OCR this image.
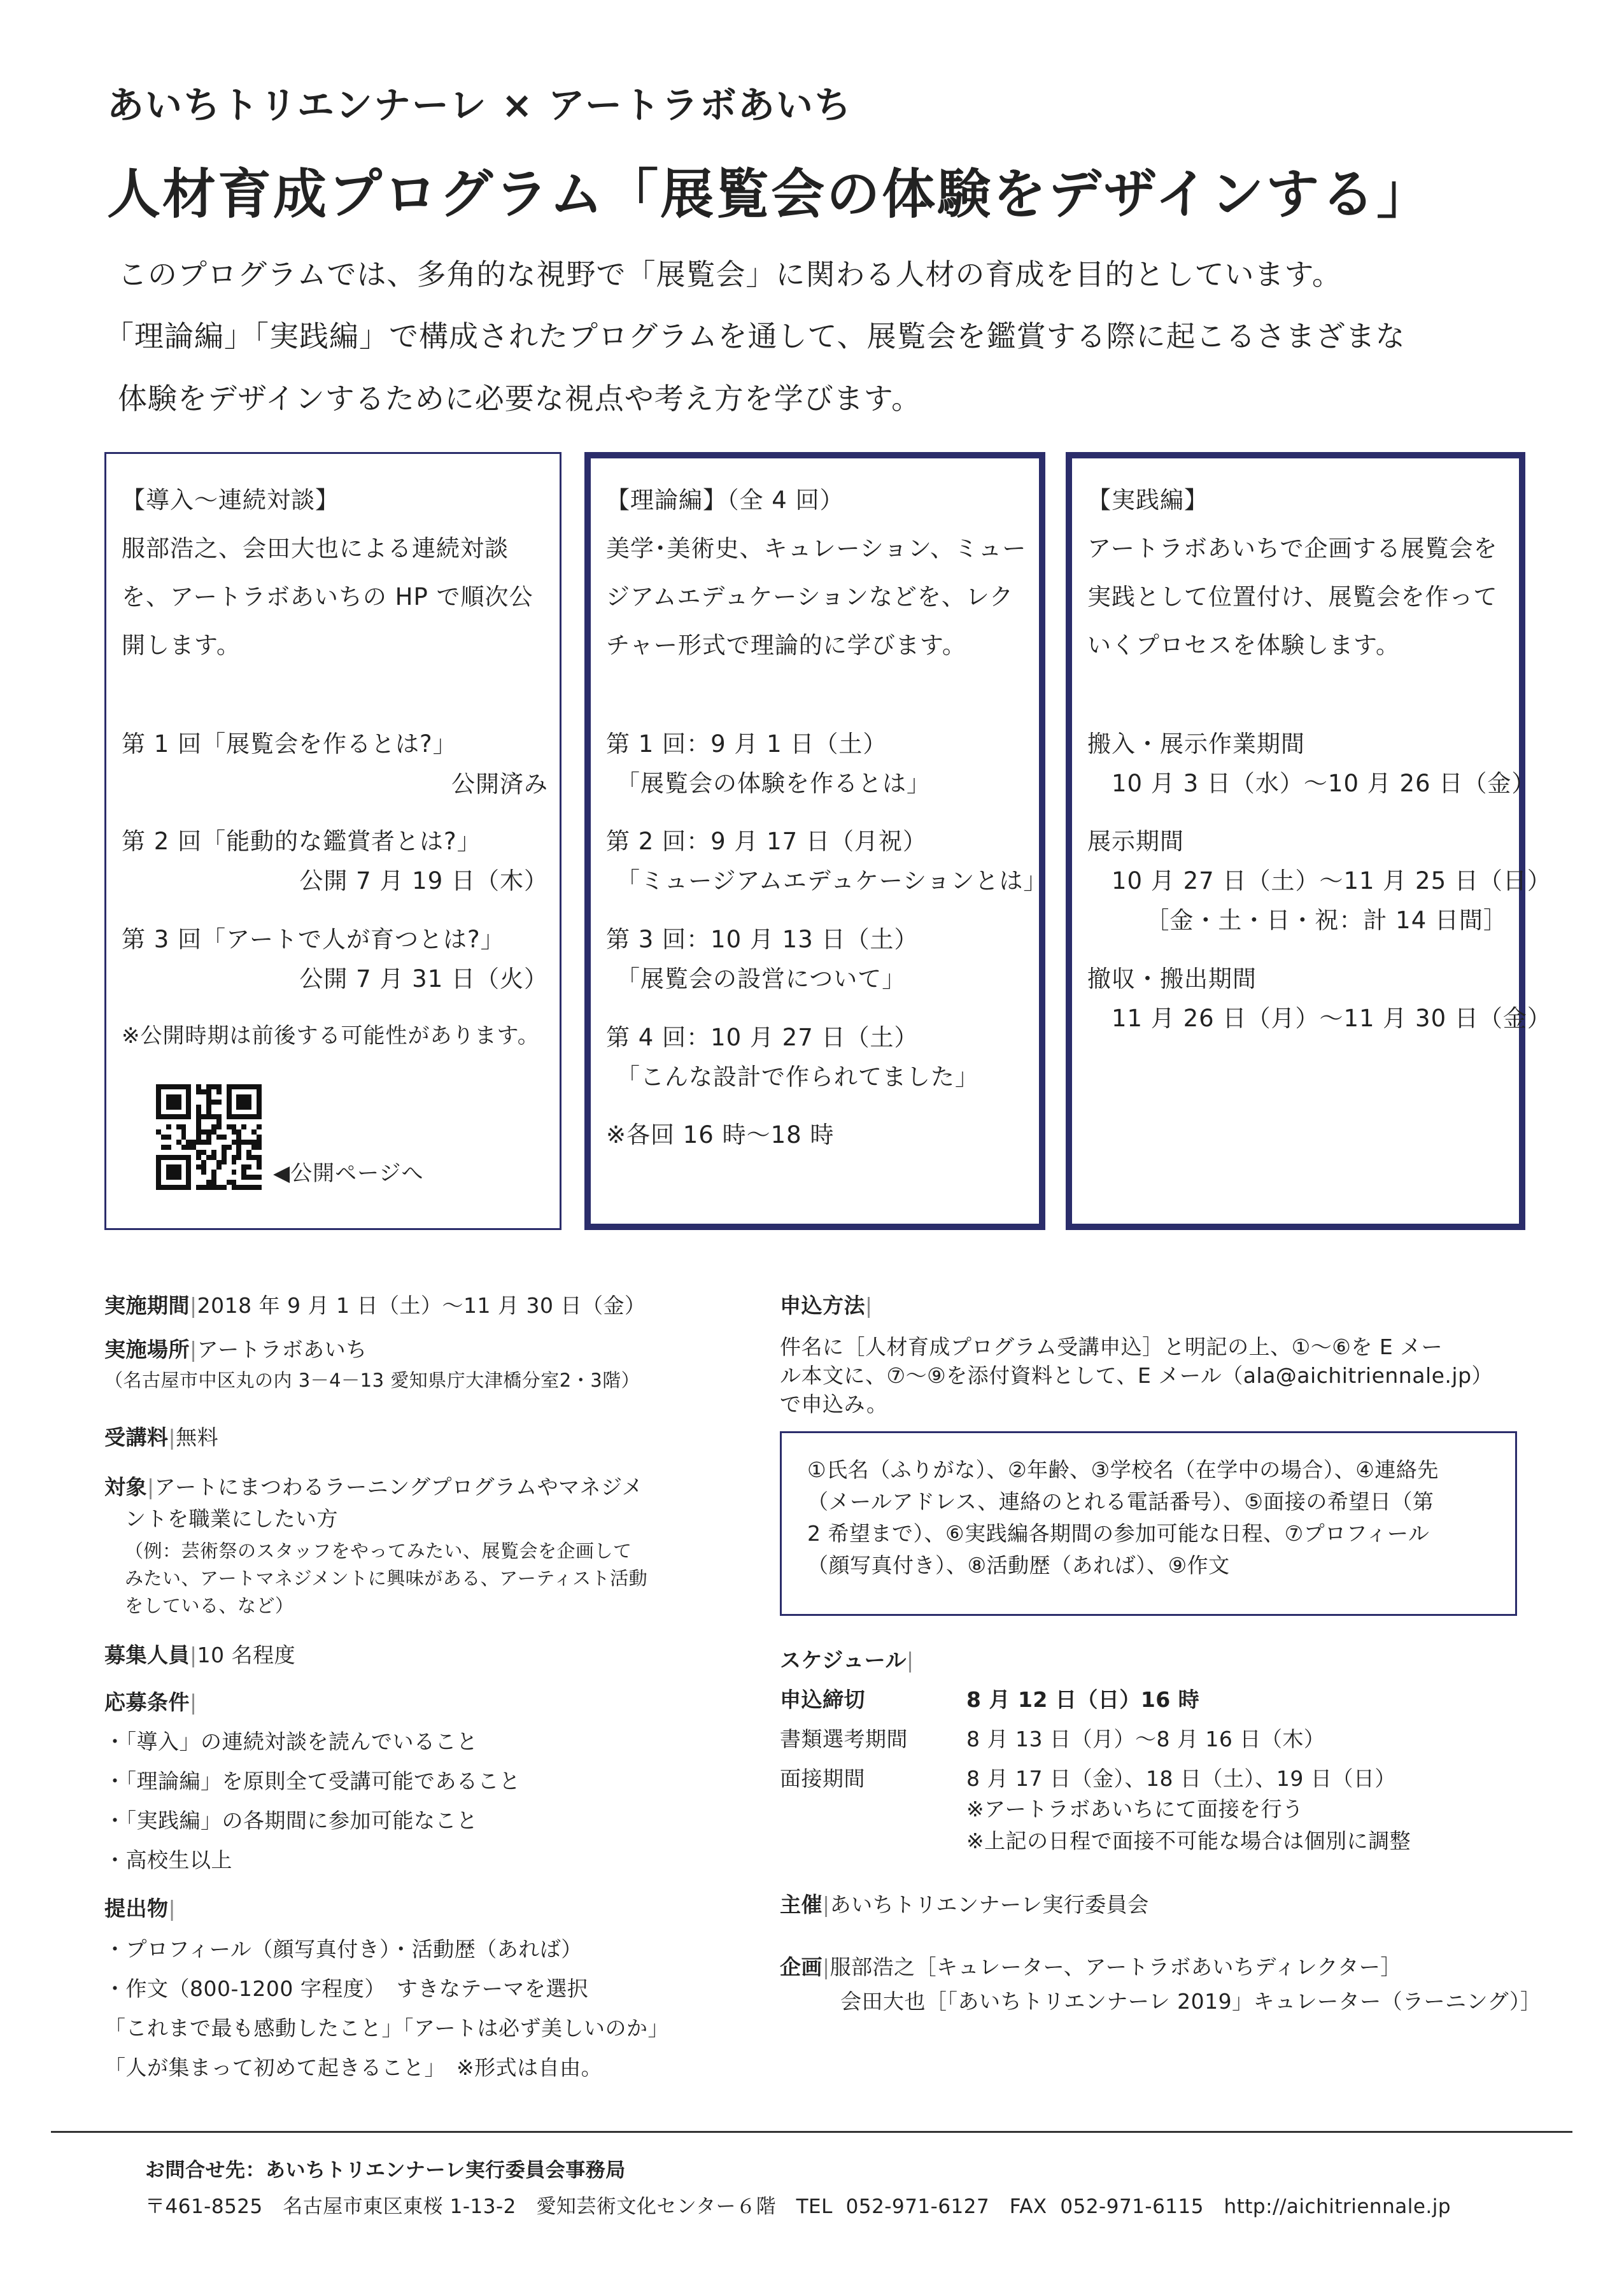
あいちトリエンナーレ × アートラボあいち
人材育成プログラム「展覧会の体験をデザインする」
このプログラムでは、多角的な視野で「展覧会」に関わる人材の育成を目的としています。
「理論編」「実践編」で構成されたプログラムを通して、展覧会を鑑賞する際に起こるさまざまな
体験をデザインするために必要な視点や考え方を学びます。
【導入～連続対談】
服部浩之、会田大也による連続対談
を、アートラボあいちの HP で順次公
開します。
第 1 回「展覧会を作るとは?」
公開済み
第 2 回「能動的な鑑賞者とは?」
公開 7 月 19 日（木）
第 3 回「アートで人が育つとは?」
公開 7 月 31 日（火）
※公開時期は前後する可能性があります。
◀公開ページへ
【理論編】（全 4 回）
美学･美術史、キュレーション、ミュー
ジアムエデュケーションなどを、レク
チャー形式で理論的に学びます。
第 1 回：9 月 1 日（土）
「展覧会の体験を作るとは」
第 2 回：9 月 17 日（月祝）
「ミュージアムエデュケーションとは」
第 3 回：10 月 13 日（土）
「展覧会の設営について」
第 4 回：10 月 27 日（土）
「こんな設計で作られてました」
※各回 16 時～18 時
【実践編】
アートラボあいちで企画する展覧会を
実践として位置付け、展覧会を作って
いくプロセスを体験します。
搬入・展示作業期間
10 月 3 日（水）～10 月 26 日（金）
展示期間
10 月 27 日（土）～11 月 25 日（日）
［金・土・日・祝：計 14 日間］
撤収・搬出期間
11 月 26 日（月）～11 月 30 日（金）
実施期間|2018 年 9 月 1 日（土）～11 月 30 日（金）
実施場所|アートラボあいち
（名古屋市中区丸の内 3－4－13 愛知県庁大津橋分室2・3階）
受講料|無料
対象|アートにまつわるラーニングプログラムやマネジメ
ントを職業にしたい方
（例：芸術祭のスタッフをやってみたい、展覧会を企画して
みたい、アートマネジメントに興味がある、アーティスト活動
をしている、など）
募集人員|10 名程度
応募条件|
・「導入」の連続対談を読んでいること
・「理論編」を原則全て受講可能であること
・「実践編」の各期間に参加可能なこと
・高校生以上
提出物|
・プロフィール（顔写真付き）・活動歴（あれば）
・作文（800-1200 字程度）　すきなテーマを選択
「これまで最も感動したこと」「アートは必ず美しいのか」
「人が集まって初めて起きること」　※形式は自由。
申込方法|
件名に［人材育成プログラム受講申込］と明記の上、①～⑥を E メー
ル本文に、⑦～⑨を添付資料として、E メール（ala@aichitriennale.jp）
で申込み。
①氏名（ふりがな）、②年齢、③学校名（在学中の場合）、④連絡先
（メールアドレス、連絡のとれる電話番号）、⑤面接の希望日（第
2 希望まで）、⑥実践編各期間の参加可能な日程、⑦プロフィール
（顔写真付き）、⑧活動歴（あれば）、⑨作文
スケジュール|
申込締切	8 月 12 日（日）16 時
書類選考期間	8 月 13 日（月）～8 月 16 日（木）
面接期間	8 月 17 日（金）、18 日（土）、19 日（日）
※アートラボあいちにて面接を行う
※上記の日程で面接不可能な場合は個別に調整
主催|あいちトリエンナーレ実行委員会
企画|服部浩之［キュレーター、アートラボあいちディレクター］
会田大也［「あいちトリエンナーレ 2019」キュレーター（ラーニング）］
お問合せ先：あいちトリエンナーレ実行委員会事務局
〒461-8525　名古屋市東区東桜 1-13-2　愛知芸術文化センター６階　TEL  052-971-6127　FAX  052-971-6115　http://aichitriennale.jp
